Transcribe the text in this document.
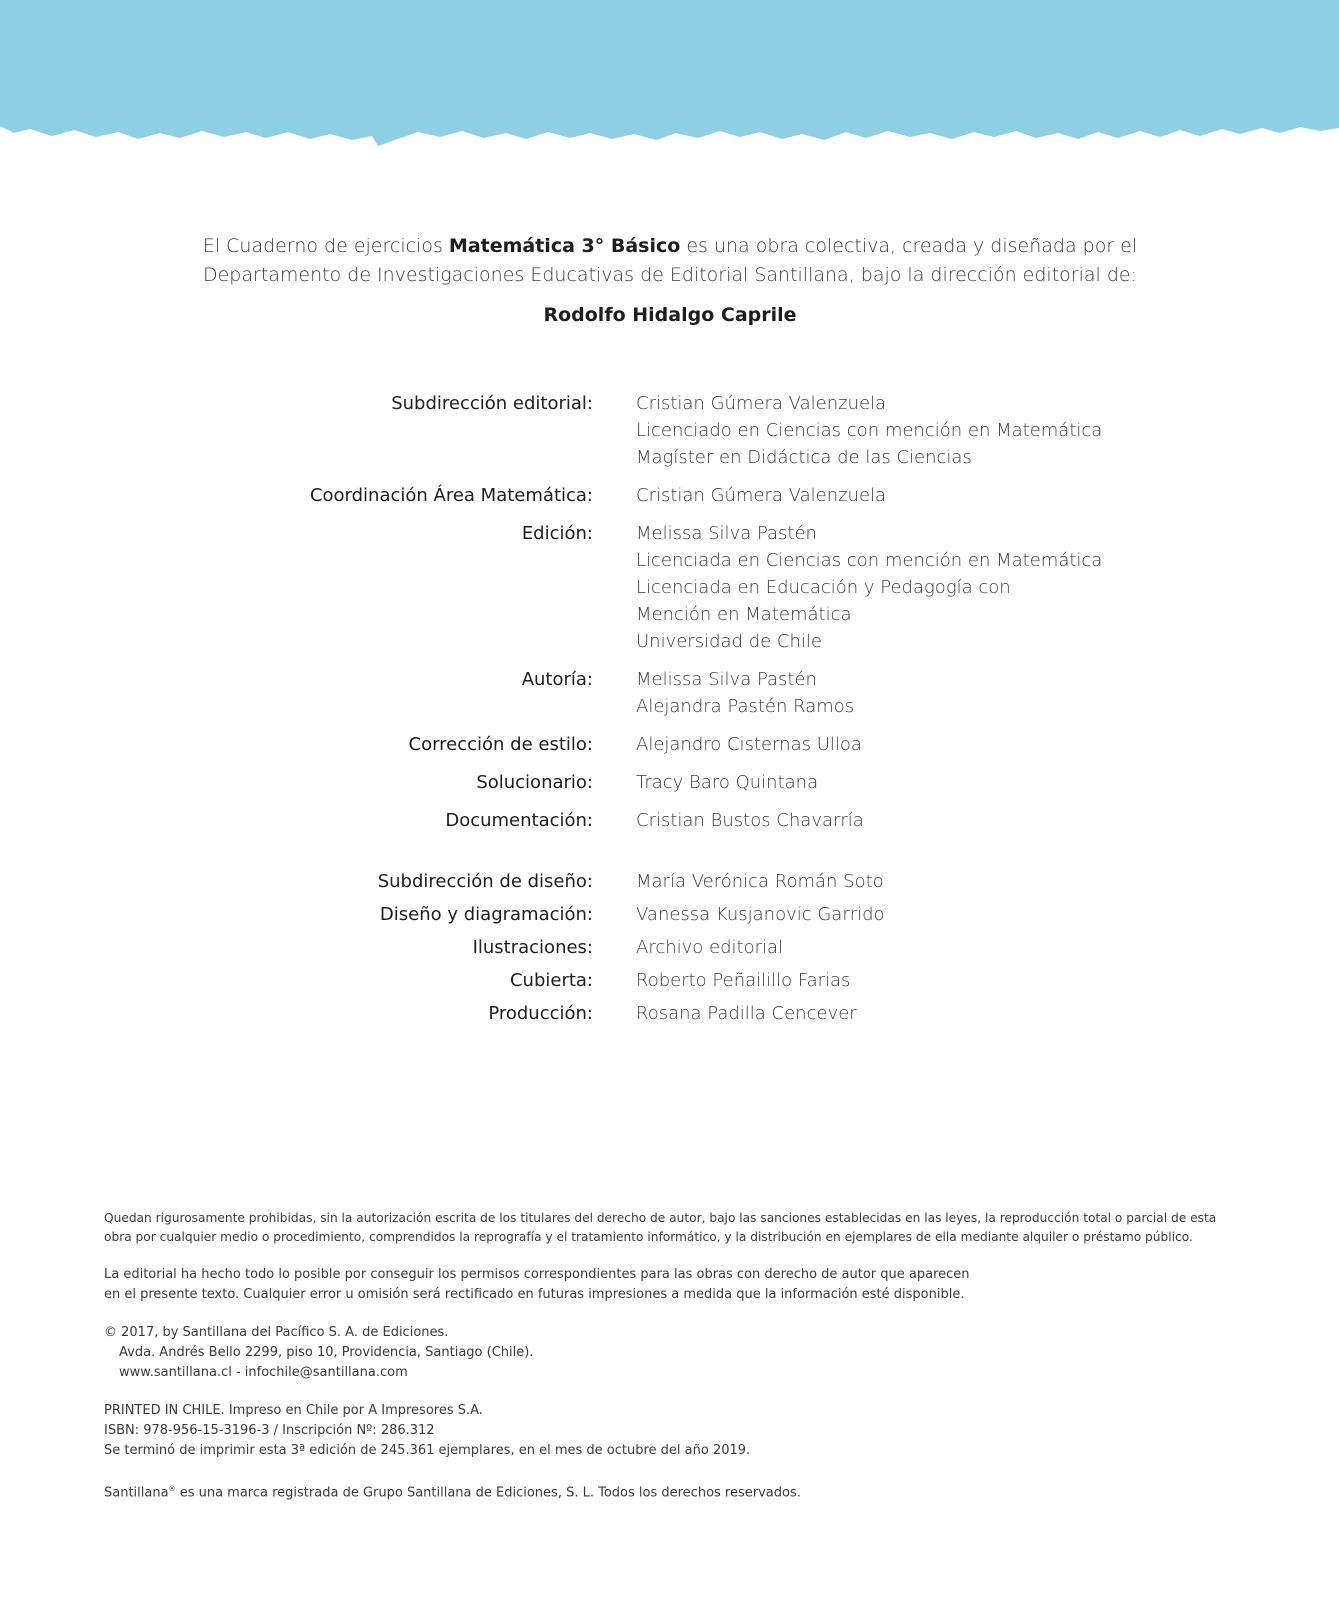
El Cuaderno de ejercicios Matemática 3° Básico es una obra colectiva, creada y diseñada por el

Departamento de Investigaciones Educativas de Editorial Santillana, bajo la dirección editorial de:

Rodolfo Hidalgo Caprile
Subdirección editorial: Cristian Gúmera Valenzuela
Licenciado en Ciencias con mención en Matemática
Magíster en Didáctica de las Ciencias
Coordinación Área Matemática: Cristian Gúmera Valenzuela
Edición: Melissa Silva Pastén
Licenciada en Ciencias con mención en Matemática
Licenciada en Educación y Pedagogía con
Mención en Matemática
Universidad de Chile
Autoría: Melissa Silva Pastén
Alejandra Pastén Ramos
Corrección de estilo: Alejandro Cisternas Ulloa
Solucionario: Tracy Baro Quintana
Documentación: Cristian Bustos Chavarría
Subdirección de diseño: María Verónica Román Soto
Diseño y diagramación: Vanessa Kusjanovic Garrido
Ilustraciones: Archivo editorial
Cubierta: Roberto Peñailillo Farias
Producción: Rosana Padilla Cencever

Quedan rigurosamente prohibidas, sin la autorización escrita de los titulares del derecho de autor, bajo las sanciones establecidas en las leyes, la reproducción total o parcial de esta

obra por cualquier medio o procedimiento, comprendidos la reprografía y el tratamiento informático, y la distribución en ejemplares de ella mediante alquiler o préstamo público.

La editorial ha hecho todo lo posible por conseguir los permisos correspondientes para las obras con derecho de autor que aparecen

en el presente texto. Cualquier error u omisión será rectificado en futuras impresiones a medida que la información esté disponible.

© 2017, by Santillana del Pacífico S. A. de Ediciones.

Avda. Andrés Bello 2299, piso 10, Providencia, Santiago (Chile).

www.santillana.cl - infochile@santillana.com

PRINTED IN CHILE. Impreso en Chile por A Impresores S.A.

ISBN: 978-956-15-3196-3 / Inscripción Nº: 286.312

Se terminó de imprimir esta 3ª edición de 245.361 ejemplares, en el mes de octubre del año 2019.

Santillana® es una marca registrada de Grupo Santillana de Ediciones, S. L. Todos los derechos reservados.
